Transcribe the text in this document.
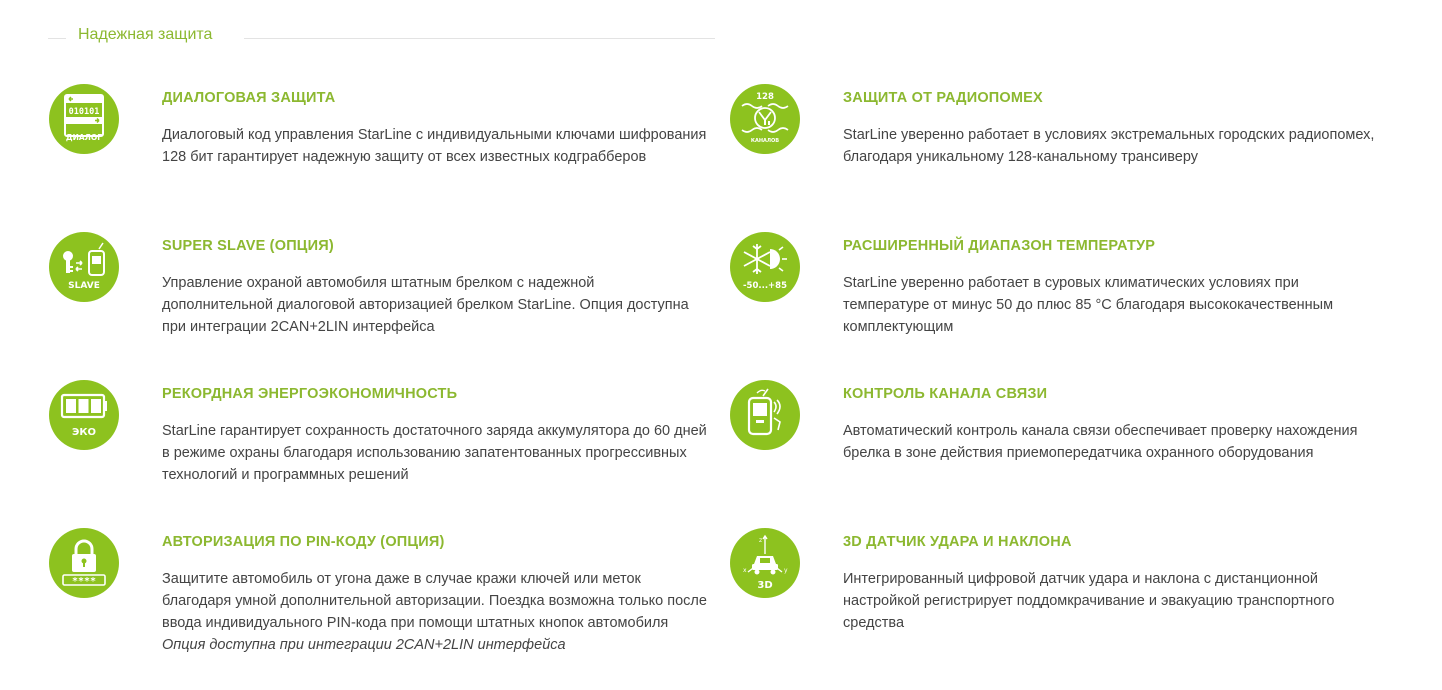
Надежная защита
010101
ДИАЛОГ
ДИАЛОГОВАЯ ЗАЩИТА
Диалоговый код управления StarLine с индивидуальными ключами шифрования 128 бит гарантирует надежную защиту от всех известных кодграбберов
128
КАНАЛОВ
ЗАЩИТА ОТ РАДИОПОМЕХ
StarLine уверенно работает в условиях экстремальных городских радиопомех, благодаря уникальному 128-канальному трансиверу
SLAVE
SUPER SLAVE (ОПЦИЯ)
Управление охраной автомобиля штатным брелком с надежной дополнительной диалоговой авторизацией брелком StarLine. Опция доступна при интеграции 2CAN+2LIN интерфейса
-50...+85
РАСШИРЕННЫЙ ДИАПАЗОН ТЕМПЕРАТУР
StarLine уверенно работает в суровых климатических условиях при температуре от минус 50 до плюс 85 °С благодаря высококачественным комплектующим
ЭКО
РЕКОРДНАЯ ЭНЕРГОЭКОНОМИЧНОСТЬ
StarLine гарантирует сохранность достаточного заряда аккумулятора до 60 дней в режиме охраны благодаря использованию запатентованных прогрессивных технологий и программных решений
КОНТРОЛЬ КАНАЛА СВЯЗИ
Автоматический контроль канала связи обеспечивает проверку нахождения брелка в зоне действия приемопередатчика охранного оборудования
****
АВТОРИЗАЦИЯ ПО PIN-КОДУ (ОПЦИЯ)
Защитите автомобиль от угона даже в случае кражи ключей или меток благодаря умной дополнительной авторизации. Поездка возможна только после ввода индивидуального PIN-кода при помощи штатных кнопок автомобиля
Опция доступна при интеграции 2CAN+2LIN интерфейса
z
x	y
3D
3D ДАТЧИК УДАРА И НАКЛОНА
Интегрированный цифровой датчик удара и наклона с дистанционной настройкой регистрирует поддомкрачивание и эвакуацию транспортного средства
